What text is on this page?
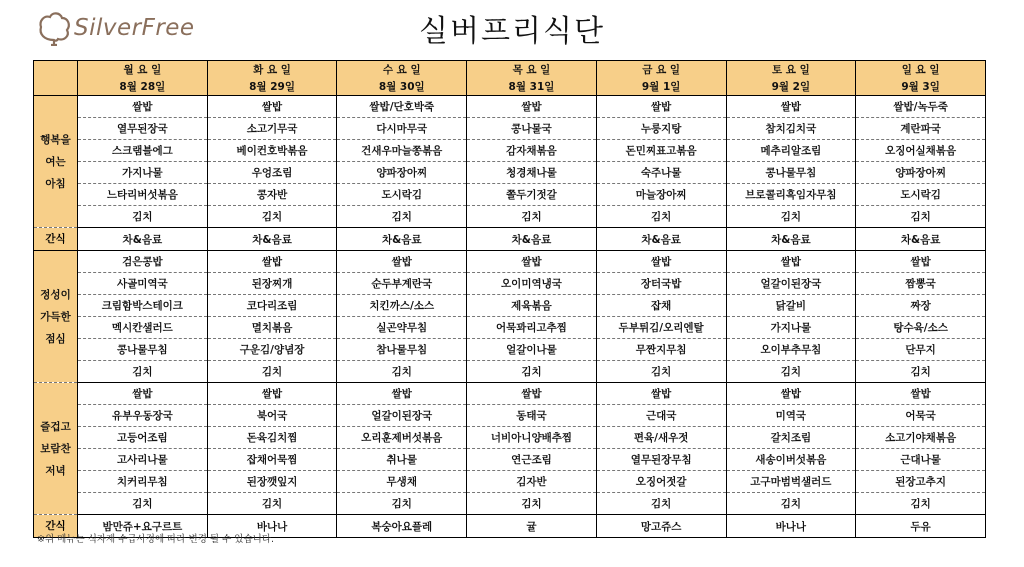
SilverFree	실버프리식단
	월 요 일	화 요 일	수 요 일	목 요 일	금 요 일	토 요 일	일 요 일
	8월 28일	8월 29일	8월 30일	8월 31일	9월 1일	9월 2일	9월 3일

행복을
여는
아침	쌀밥	쌀밥	쌀밥/단호박죽	쌀밥	쌀밥	쌀밥	쌀밥/녹두죽
	열무된장국	소고기무국	다시마무국	콩나물국	누룽지탕	참치김치국	계란파국
	스크램블에그	베이컨호박볶음	건새우마늘쫑볶음	감자채볶음	돈민찌표고볶음	메추리알조림	오징어실채볶음
	가지나물	우엉조림	양파장아찌	청경채나물	숙주나물	콩나물무침	양파장아찌
	느타리버섯볶음	콩자반	도시락김	쫄두기젓갈	마늘장아찌	브로콜리흑임자무침	도시락김
	김치	김치	김치	김치	김치	김치	김치
간식	차&음료	차&음료	차&음료	차&음료	차&음료	차&음료	차&음료

정성이
가득한
점심	검은콩밥	쌀밥	쌀밥	쌀밥	쌀밥	쌀밥	쌀밥
	사골미역국	된장찌개	순두부계란국	오이미역냉국	장터국밥	얼갈이된장국	짬뽕국
	크림함박스테이크	코다리조림	치킨까스/소스	제육볶음	잡채	닭갈비	짜장
	멕시칸샐러드	멸치볶음	실곤약무침	어묵꽈리고추찜	두부튀김/오리엔탈	가지나물	탕수육/소스
	콩나물무침	구운김/양념장	참나물무침	얼갈이나물	무짠지무침	오이부추무침	단무지
	김치	김치	김치	김치	김치	김치	김치

즐겁고
보람찬
저녁	쌀밥	쌀밥	쌀밥	쌀밥	쌀밥	쌀밥	쌀밥
	유부우동장국	북어국	얼갈이된장국	동태국	근대국	미역국	어묵국
	고등어조림	돈육김치찜	오리훈제버섯볶음	너비아니양배추찜	편육/새우젓	갈치조림	소고기야채볶음
	고사리나물	잡채어묵찜	취나물	연근조림	열무된장무침	새송이버섯볶음	근대나물
	치커리무침	된장깻잎지	무생채	김자반	오징어젓갈	고구마범벅샐러드	된장고추지
	김치	김치	김치	김치	김치	김치	김치
간식	밤만쥬+요구르트	바나나	복숭아요플레	귤	망고쥬스	바나나	두유
※위 메뉴는 식자재 수급사정에 따라 변경 될 수 있습니다.
